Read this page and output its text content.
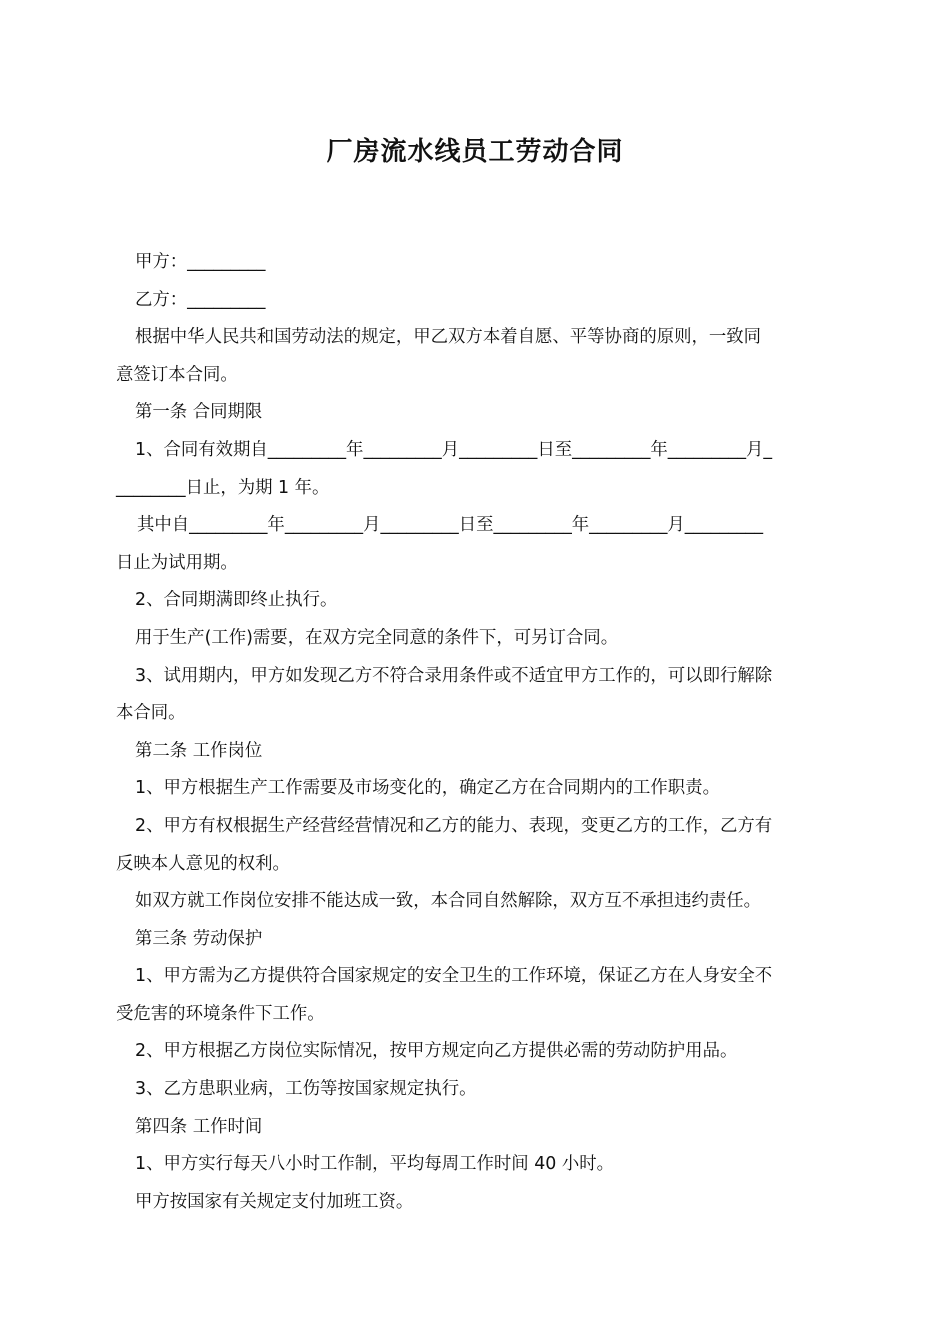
厂房流水线员工劳动合同
甲方：_________
乙方：_________
根据中华人民共和国劳动法的规定，甲乙双方本着自愿、平等协商的原则，一致同
意签订本合同。
第一条 合同期限
1、合同有效期自_________年_________月_________日至_________年_________月_
________日止，为期 1 年。
其中自_________年_________月_________日至_________年_________月_________
日止为试用期。
2、合同期满即终止执行。
用于生产(工作)需要，在双方完全同意的条件下，可另订合同。
3、试用期内，甲方如发现乙方不符合录用条件或不适宜甲方工作的，可以即行解除
本合同。
第二条 工作岗位
1、甲方根据生产工作需要及市场变化的，确定乙方在合同期内的工作职责。
2、甲方有权根据生产经营经营情况和乙方的能力、表现，变更乙方的工作，乙方有
反映本人意见的权利。
如双方就工作岗位安排不能达成一致，本合同自然解除，双方互不承担违约责任。
第三条 劳动保护
1、甲方需为乙方提供符合国家规定的安全卫生的工作环境，保证乙方在人身安全不
受危害的环境条件下工作。
2、甲方根据乙方岗位实际情况，按甲方规定向乙方提供必需的劳动防护用品。
3、乙方患职业病，工伤等按国家规定执行。
第四条 工作时间
1、甲方实行每天八小时工作制，平均每周工作时间 40 小时。
甲方按国家有关规定支付加班工资。
